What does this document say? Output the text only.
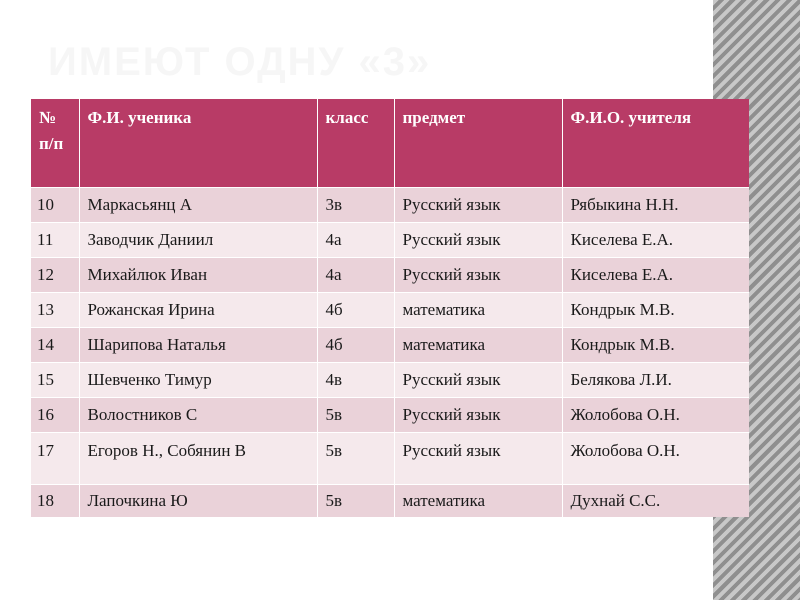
ИМЕЮТ ОДНУ «3»
№ п/п	Ф.И. ученика	класс	предмет	Ф.И.О. учителя
10	Маркасьянц А	3в	Русский язык	Рябыкина Н.Н.
11	Заводчик Даниил	4а	Русский язык	Киселева Е.А.
12	Михайлюк Иван	4а	Русский язык	Киселева Е.А.
13	Рожанская Ирина	4б	математика	Кондрык М.В.
14	Шарипова Наталья	4б	математика	Кондрык М.В.
15	Шевченко Тимур	4в	Русский язык	Белякова Л.И.
16	Волостников С	5в	Русский язык	Жолобова О.Н.
17	Егоров Н., Собянин В	5в	Русский язык	Жолобова О.Н.
18	Лапочкина Ю	5в	математика	Духнай С.С.
